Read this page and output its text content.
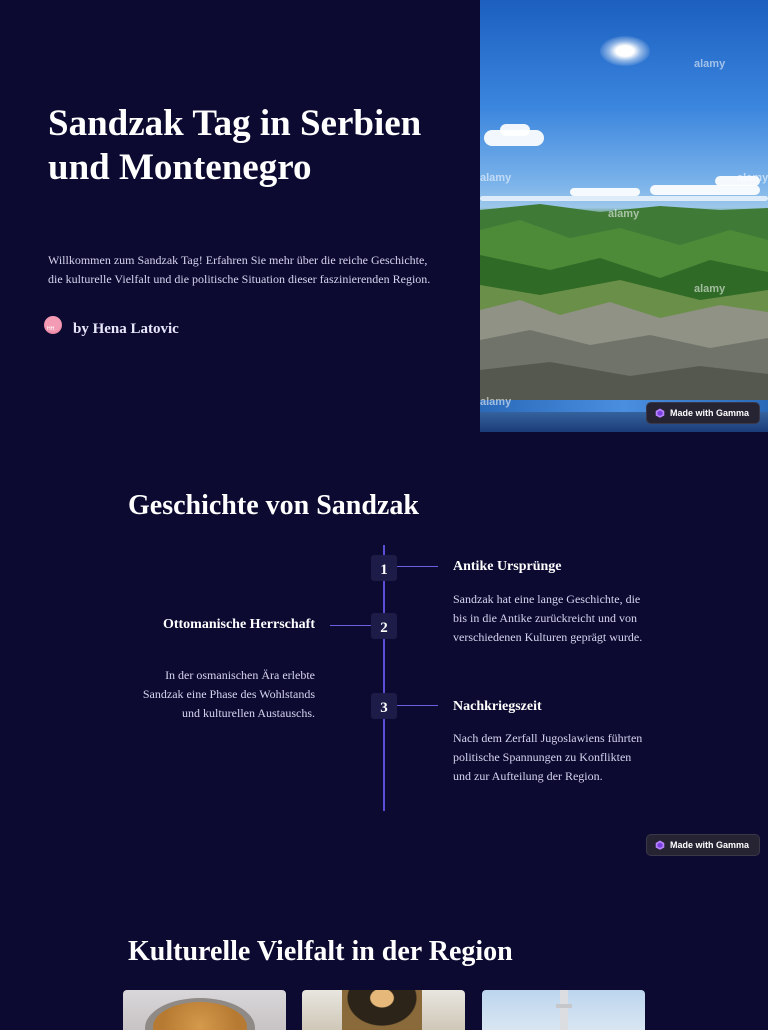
Sandzak Tag in Serbien und Montenegro

Willkommen zum Sandzak Tag! Erfahren Sie mehr über die reiche Geschichte, die kulturelle Vielfalt und die politische Situation dieser faszinierenden Region.

HH by Hena Latovic
alamy
alamy
alamy
alamy
alamy
alamy
Made with Gamma
Geschichte von Sandzak
1	Antike Ursprünge

Sandzak hat eine lange Geschichte, die bis in die Antike zurückreicht und von verschiedenen Kulturen geprägt wurde.

2
Ottomanische Herrschaft

In der osmanischen Ära erlebte Sandzak eine Phase des Wohlstands und kulturellen Austauschs.	3	Nachkriegszeit

Nach dem Zerfall Jugoslawiens führten politische Spannungen zu Konflikten und zur Aufteilung der Region.

Made with Gamma
Kulturelle Vielfalt in der Region
